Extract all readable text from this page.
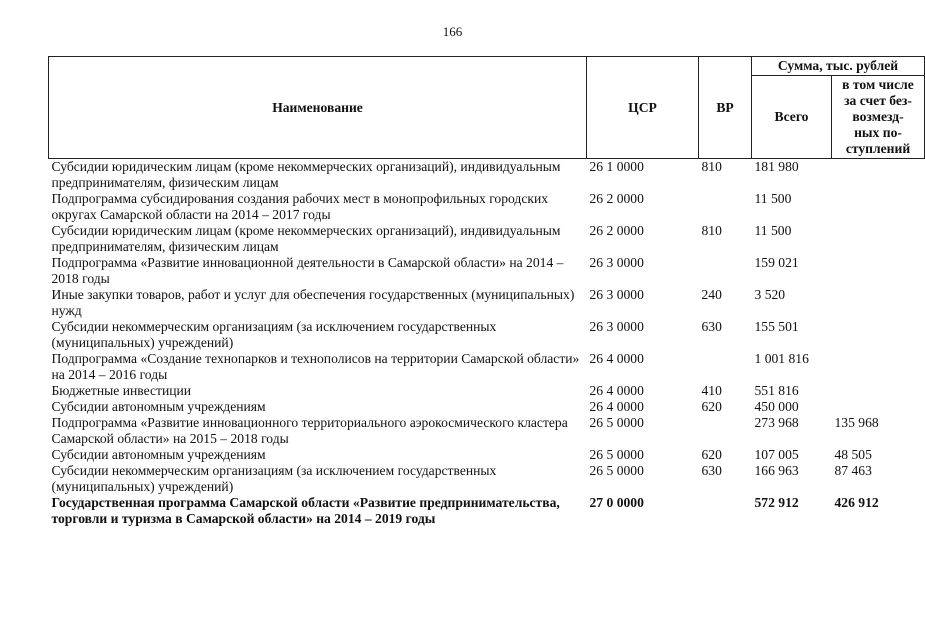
166
Наименование	ЦСР	ВР	Сумма, тыс. рублей	
			Всего	в том числе
за счет без-
возмезд-
ных по-
ступлений

Субсидии юридическим лицам (кроме некоммерческих организаций), индивидуальным предпринимателям, физическим лицам	26 1 0000	810	181 980	
Подпрограмма субсидирования создания рабочих мест в монопрофильных городских округах Самарской области на 2014 – 2017 годы	26 2 0000		11 500	
Субсидии юридическим лицам (кроме некоммерческих организаций), индивидуальным предпринимателям, физическим лицам	26 2 0000	810	11 500	
Подпрограмма «Развитие инновационной деятельности в Самарской области» на 2014 – 2018 годы	26 3 0000		159 021	
Иные закупки товаров, работ и услуг для обеспечения государственных (муниципальных) нужд	26 3 0000	240	3 520	
Субсидии некоммерческим организациям (за исключением государственных (муниципальных) учреждений)	26 3 0000	630	155 501	
Подпрограмма «Создание технопарков и технополисов на территории Самарской области» на 2014 – 2016 годы	26 4 0000		1 001 816	
Бюджетные инвестиции	26 4 0000	410	551 816	
Субсидии автономным учреждениям	26 4 0000	620	450 000	
Подпрограмма «Развитие инновационного территориального аэрокосмического кластера Самарской области» на 2015 – 2018 годы	26 5 0000		273 968	135 968
Субсидии автономным учреждениям	26 5 0000	620	107 005	48 505
Субсидии некоммерческим организациям (за исключением государственных (муниципальных) учреждений)	26 5 0000	630	166 963	87 463
Государственная программа Самарской области «Развитие предпринимательства, торговли и туризма в Самарской области» на 2014 – 2019 годы	27 0 0000		572 912	426 912
